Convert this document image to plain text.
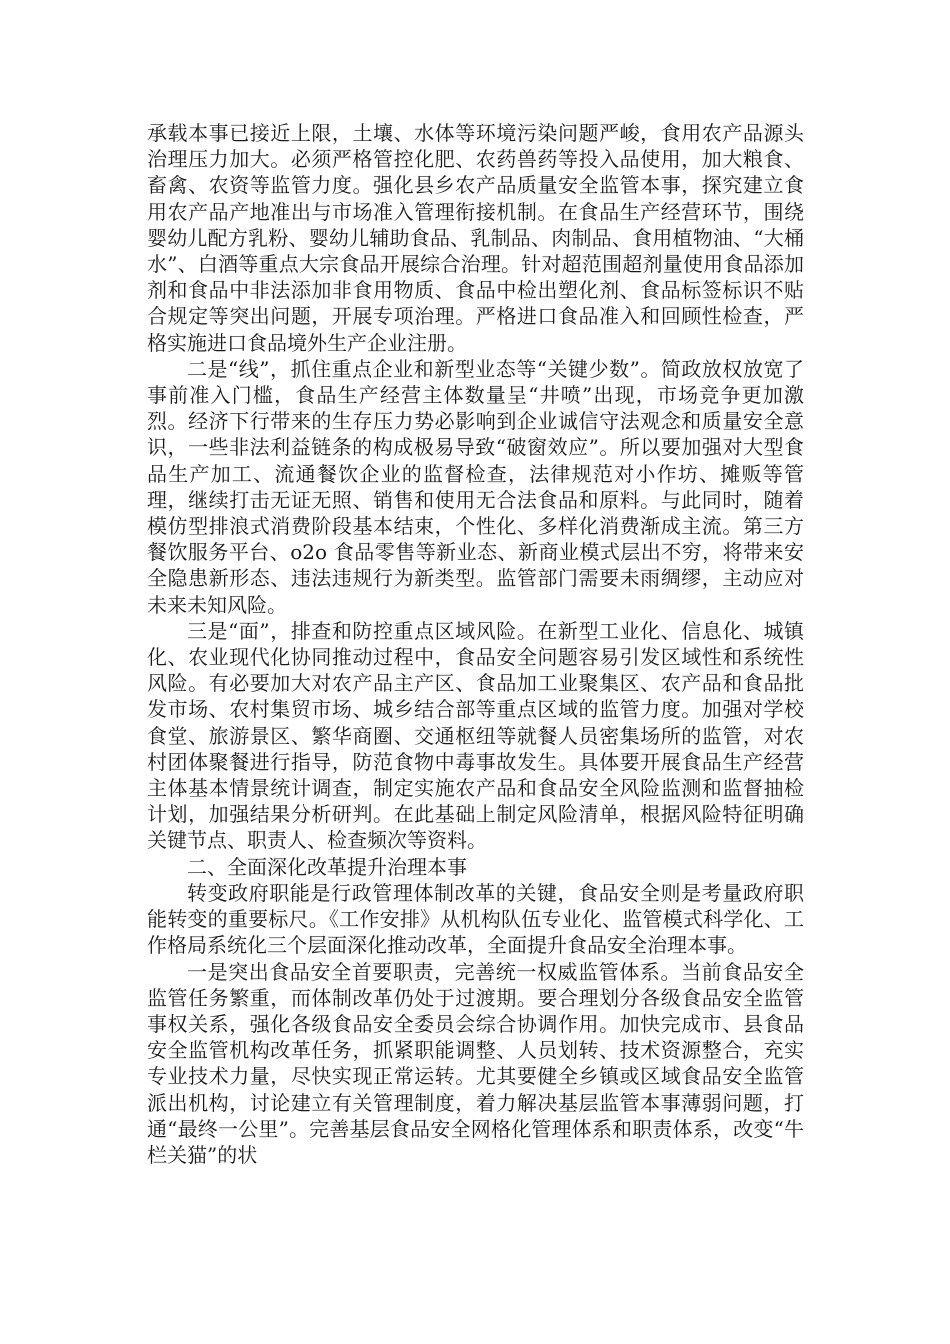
承载本事已接近上限，土壤、水体等环境污染问题严峻，食用农产品源头治理压力加大。必须严格管控化肥、农药兽药等投入品使用，加大粮食、畜禽、农资等监管力度。强化县乡农产品质量安全监管本事，探究建立食用农产品产地准出与市场准入管理衔接机制。在食品生产经营环节，围绕婴幼儿配方乳粉、婴幼儿辅助食品、乳制品、肉制品、食用植物油、“大桶水”、白酒等重点大宗食品开展综合治理。针对超范围超剂量使用食品添加剂和食品中非法添加非食用物质、食品中检出塑化剂、食品标签标识不贴合规定等突出问题，开展专项治理。严格进口食品准入和回顾性检查，严格实施进口食品境外生产企业注册。

二是“线”，抓住重点企业和新型业态等“关键少数”。简政放权放宽了事前准入门槛，食品生产经营主体数量呈“井喷”出现，市场竞争更加激烈。经济下行带来的生存压力势必影响到企业诚信守法观念和质量安全意识，一些非法利益链条的构成极易导致“破窗效应”。所以要加强对大型食品生产加工、流通餐饮企业的监督检查，法律规范对小作坊、摊贩等管理，继续打击无证无照、销售和使用无合法食品和原料。与此同时，随着模仿型排浪式消费阶段基本结束，个性化、多样化消费渐成主流。第三方餐饮服务平台、o2o 食品零售等新业态、新商业模式层出不穷，将带来安全隐患新形态、违法违规行为新类型。监管部门需要未雨绸缪，主动应对未来未知风险。

三是“面”，排查和防控重点区域风险。在新型工业化、信息化、城镇化、农业现代化协同推动过程中，食品安全问题容易引发区域性和系统性风险。有必要加大对农产品主产区、食品加工业聚集区、农产品和食品批发市场、农村集贸市场、城乡结合部等重点区域的监管力度。加强对学校食堂、旅游景区、繁华商圈、交通枢纽等就餐人员密集场所的监管，对农村团体聚餐进行指导，防范食物中毒事故发生。具体要开展食品生产经营主体基本情景统计调查，制定实施农产品和食品安全风险监测和监督抽检计划，加强结果分析研判。在此基础上制定风险清单，根据风险特征明确关键节点、职责人、检查频次等资料。

二、全面深化改革提升治理本事

转变政府职能是行政管理体制改革的关键，食品安全则是考量政府职能转变的重要标尺。《工作安排》从机构队伍专业化、监管模式科学化、工作格局系统化三个层面深化推动改革，全面提升食品安全治理本事。

一是突出食品安全首要职责，完善统一权威监管体系。当前食品安全监管任务繁重，而体制改革仍处于过渡期。要合理划分各级食品安全监管事权关系，强化各级食品安全委员会综合协调作用。加快完成市、县食品安全监管机构改革任务，抓紧职能调整、人员划转、技术资源整合，充实专业技术力量，尽快实现正常运转。尤其要健全乡镇或区域食品安全监管派出机构，讨论建立有关管理制度，着力解决基层监管本事薄弱问题，打通“最终一公里”。完善基层食品安全网格化管理体系和职责体系，改变“牛栏关猫”的状
